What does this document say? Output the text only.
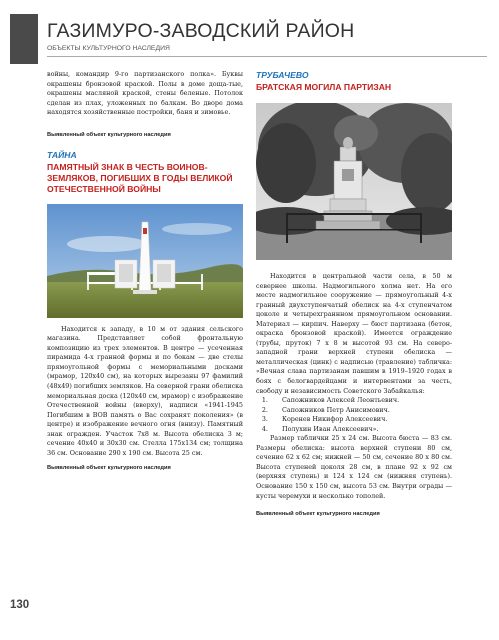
ГАЗИМУРО-ЗАВОДСКИЙ РАЙОН
ОБЪЕКТЫ КУЛЬТУРНОГО НАСЛЕДИЯ

войны, командир 9-го партизанского полка». Буквы окрашены бронзовой краской. Полы в доме доща-тые, окрашены масляной краской, стены беленые. Потолок сделан из плах, уложенных по балкам. Во дворе дома находятся хозяйственные постройки, баня и зимовье.

Выявленный объект культурного наследия

ТАЙНА

ПАМЯТНЫЙ ЗНАК В ЧЕСТЬ ВОИНОВ-ЗЕМЛЯКОВ, ПОГИБШИХ В ГОДЫ ВЕЛИКОЙ ОТЕЧЕСТВЕННОЙ ВОЙНЫ

Находится к западу, в 10 м от здания сельского магазина. Представляет собой фронтальную композицию из трех элементов. В центре — усеченная пирамида 4-х гранной формы и по бокам — две стелы прямоугольной формы с мемориальными досками (мрамор, 120х40 см), на которых вырезаны 97 фамилий (48х49) погибших земляков. На северной грани обелиска мемориальная доска (120х40 см, мрамор) с изображение Отечественной войны (вверху), надписи «1941-1945 Погибшим в ВОВ память о Вас сохранят поколения» (в центре) и изображение вечного огня (внизу). Памятный знак огражден. Участок 7х8 м. Высота обелиска 3 м; сечение 40х40 и 30х30 см. Стелла 175х134 см; толщина 36 см. Основание 290 х 190 см. Высота 25 см.

Выявленный объект культурного наследия

ТРУБАЧЕВО

БРАТСКАЯ МОГИЛА ПАРТИЗАН

Находится в центральной части села, в 50 м севернее школы. Надмогильного холма нет. На его месте надмогильное сооружение — прямоугольный 4-х гранный двухступенчатый обелиск на 4-х ступенчатом цоколе и четырехграннном прямоугольном основании. Материал — кирпич. Наверху — бюст партизана (бетон, окраска бронзовой краской). Имеется ограждение (трубы, пруток) 7 х 8 м высотой 93 см. На северо-западной грани верхней ступени обелиска — металлическая (цинк) с надписью (травление) табличка: «Вечная слава партизанам павшим в 1919–1920 годах в боях с белогвардейцами и интервентами за честь, свободу и независимость Советского Забайкалья:

1. Сапожников Алексей Леонтьевич.
2. Сапожников Петр Анисимович.
3. Коренев Никифор Алексеевич.
4. Полухин Иван Алексеевич».

Размер таблички 25 х 24 см. Высота бюста — 83 см. Размеры обелиска: высота верхней ступени 80 см, сечение 62 х 62 см; нижней — 50 см, сечение 80 х 80 см. Высота ступеней цоколя 28 см, в плане 92 х 92 см (верхняя ступень) и 124 х 124 см (нижняя ступень). Основание 150 х 150 см, высота 53 см. Внутри ограды — кусты черемухи и несколько тополей.

Выявленный объект культурного наследия

130
